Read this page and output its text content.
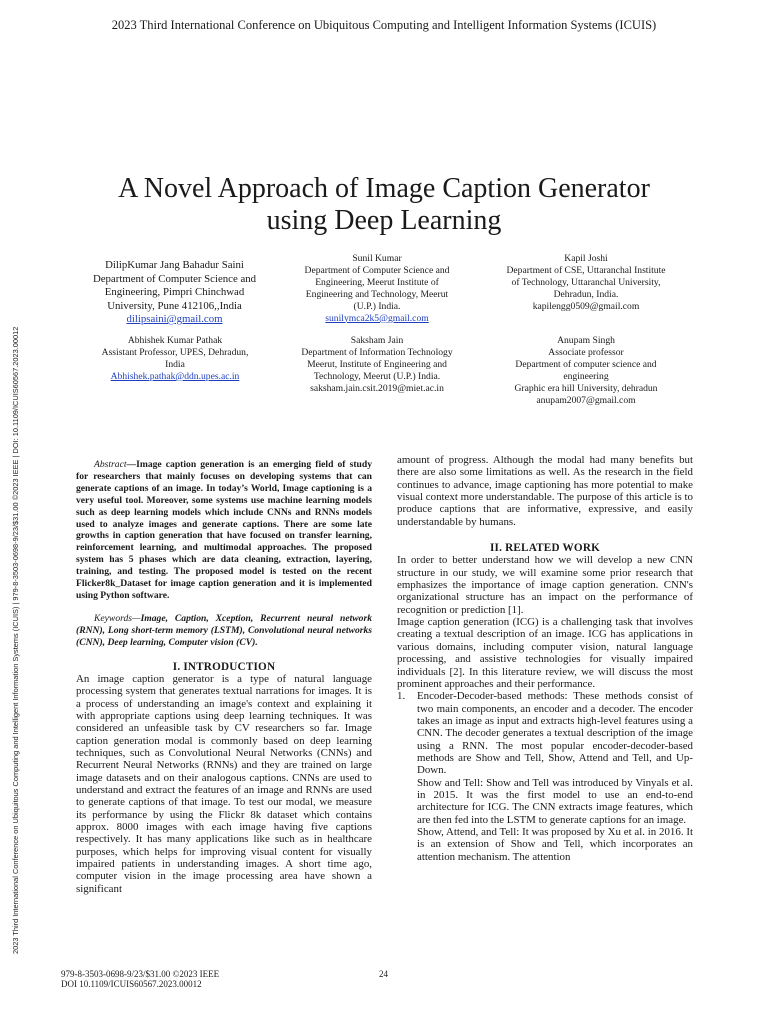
2023 Third International Conference on Ubiquitous Computing and Intelligent Information Systems (ICUIS)
2023 Third International Conference on Ubiquitous Computing and Intelligent Information Systems (ICUIS) | 979-8-3503-0698-9/23/$31.00 ©2023 IEEE | DOI: 10.1109/ICUIS60567.2023.00012
A Novel Approach of Image Caption Generator
using Deep Learning
DilipKumar Jang Bahadur Saini
Department of Computer Science and
Engineering, Pimpri Chinchwad
University, Pune 412106,,India
dilipsaini@gmail.com
Sunil Kumar
Department of Computer Science and
Engineering, Meerut Institute of
Engineering and Technology, Meerut
(U.P.) India.
sunilymca2k5@gmail.com
Kapil Joshi
Department of CSE, Uttaranchal Institute
of Technology, Uttaranchal University,
Dehradun, India.
kapilengg0509@gmail.com
Abhishek Kumar Pathak
Assistant Professor, UPES, Dehradun,
India
Abhishek.pathak@ddn.upes.ac.in
Saksham Jain
Department of Information Technology
Meerut, Institute of Engineering and
Technology, Meerut (U.P.) India.
saksham.jain.csit.2019@miet.ac.in
Anupam Singh
Associate professor
Department of computer science and
engineering
Graphic era hill University, dehradun
anupam2007@gmail.com

Abstract—Image caption generation is an emerging field of study for researchers that mainly focuses on developing systems that can generate captions of an image. In today’s World, Image captioning is a very useful tool. Moreover, some systems use machine learning models such as deep learning models which include CNNs and RNNs models used to analyze images and generate captions. There are some late growths in caption generation that have focused on transfer learning, reinforcement learning, and multimodal approaches. The proposed system has 5 phases which are data cleaning, extraction, layering, training, and testing. The proposed model is tested on the recent Flicker8k_Dataset for image caption generation and it is implemented using Python software.

Keywords—Image, Caption, Xception, Recurrent neural network (RNN), Long short-term memory (LSTM), Convolutional neural networks (CNN), Deep learning, Computer vision (CV).

I. INTRODUCTION

An image caption generator is a type of natural language processing system that generates textual narrations for images. It is a process of understanding an image's context and explaining it with appropriate captions using deep learning techniques. It was considered an unfeasible task by CV researchers so far. Image caption generation modal is commonly based on deep learning techniques, such as Convolutional Neural Networks (CNNs) and Recurrent Neural Networks (RNNs) and they are trained on large image datasets and on their analogous captions. CNNs are used to understand and extract the features of an image and RNNs are used to generate captions of that image. To test our modal, we measure its performance by using the Flickr 8k dataset which contains approx. 8000 images with each image having five captions respectively. It has many applications like such as in healthcare purposes, which helps for improving visual content for visually impaired patients in understanding images. A short time ago, computer vision in the image processing area have shown a significant

amount of progress. Although the modal had many benefits but there are also some limitations as well. As the research in the field continues to advance, image captioning has more potential to make visual context more understandable. The purpose of this article is to produce captions that are informative, expressive, and easily understandable by humans.

II. RELATED WORK

In order to better understand how we will develop a new CNN structure in our study, we will examine some prior research that emphasizes the importance of image caption generation. CNN's organizational structure has an impact on the performance of recognition or prediction [1].

Image caption generation (ICG) is a challenging task that involves creating a textual description of an image. ICG has applications in various domains, including computer vision, natural language processing, and assistive technologies for visually impaired individuals [2]. In this literature review, we will discuss the most prominent approaches and their performance.

1.	Encoder-Decoder-based methods: These methods consist of two main components, an encoder and a decoder. The encoder takes an image as input and extracts high-level features using a CNN. The decoder generates a textual description of the image using a RNN. The most popular encoder-decoder-based methods are Show and Tell, Show, Attend and Tell, and Up-Down.

Show and Tell: Show and Tell was introduced by Vinyals et al. in 2015. It was the first model to use an end-to-end architecture for ICG. The CNN extracts image features, which are then fed into the LSTM to generate captions for an image.

Show, Attend, and Tell: It was proposed by Xu et al. in 2016. It is an extension of Show and Tell, which incorporates an attention mechanism. The attention

979-8-3503-0698-9/23/$31.00 ©2023 IEEE
DOI 10.1109/ICUIS60567.2023.00012
24
